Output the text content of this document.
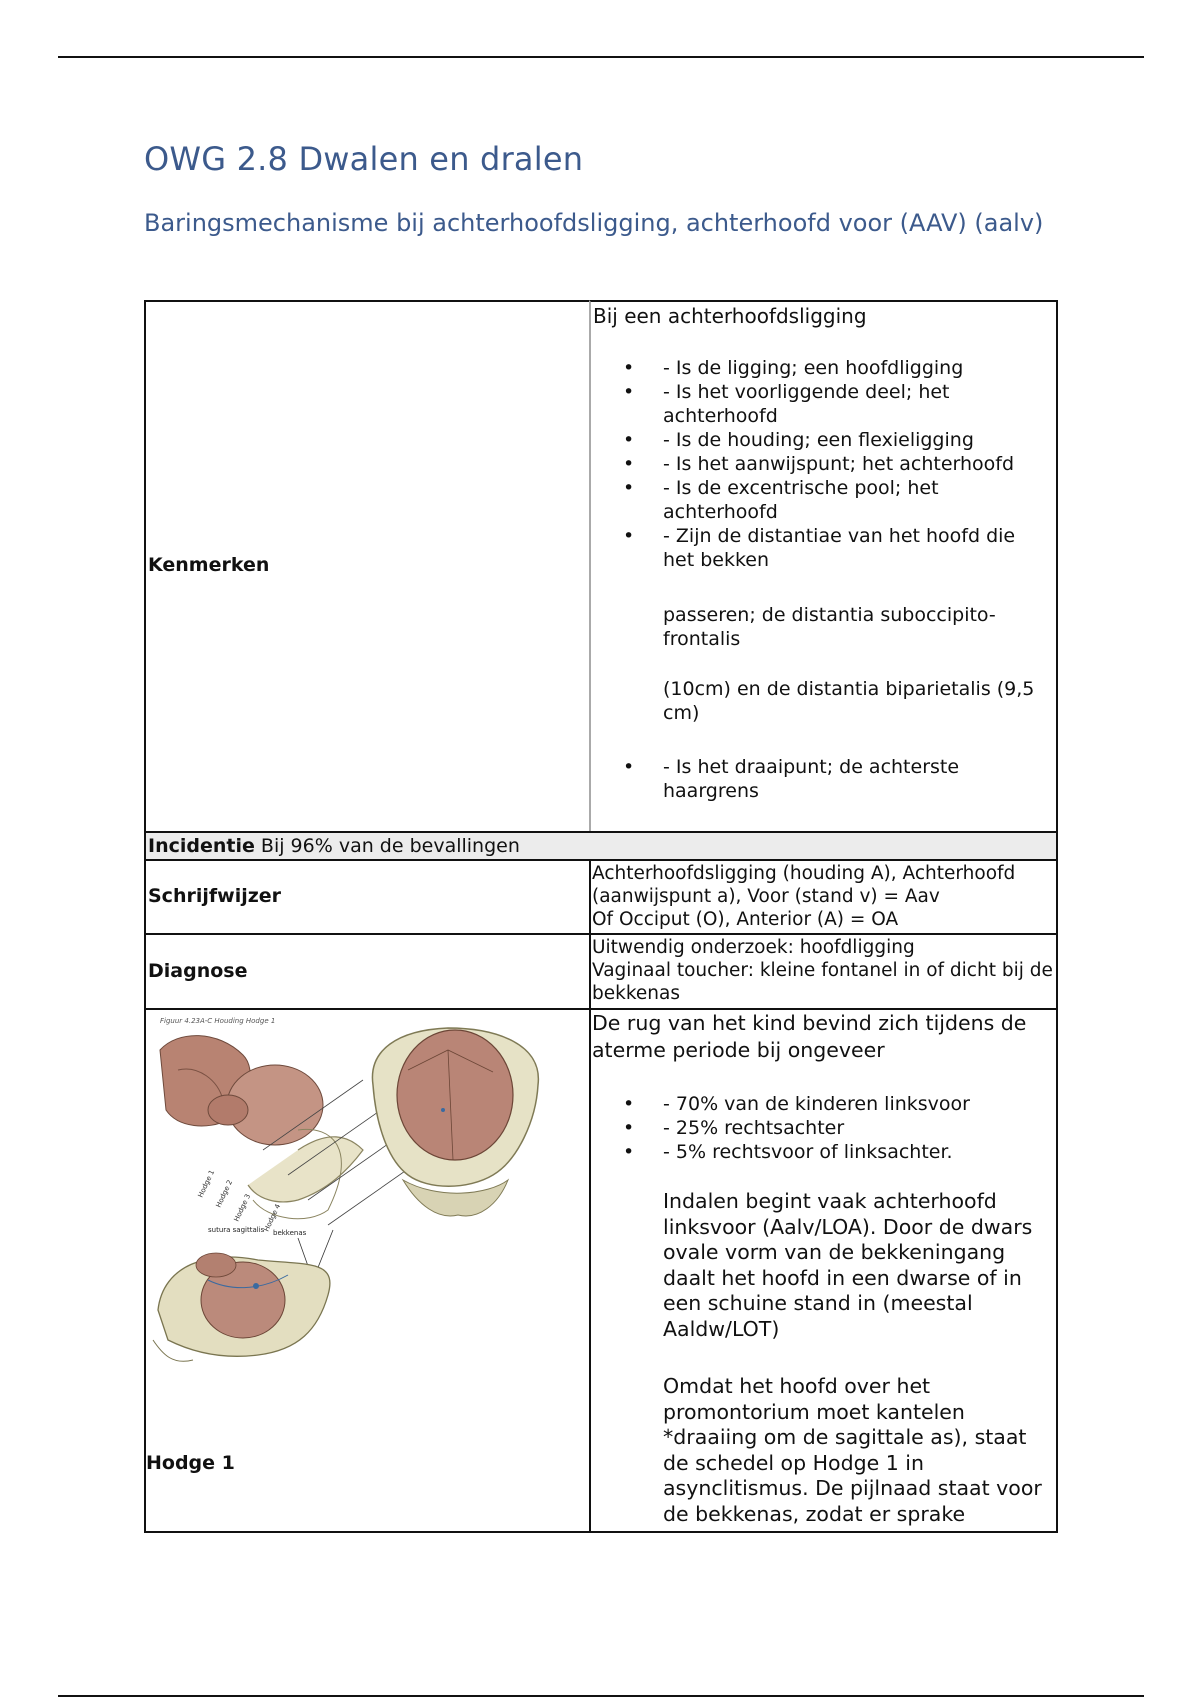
OWG 2.8 Dwalen en dralen
Baringsmechanisme bij achterhoofdsligging, achterhoofd voor (AAV) (aalv)
Kenmerken
Bij een achterhoofdsligging
• - Is de ligging; een hoofdligging
• - Is het voorliggende deel; het achterhoofd
• - Is de houding; een flexieligging
• - Is het aanwijspunt; het achterhoofd
• - Is de excentrische pool; het achterhoofd
• - Zijn de distantiae van het hoofd die het bekken
passeren; de distantia suboccipito-frontalis
(10cm) en de distantia biparietalis (9,5 cm)
• - Is het draaipunt; de achterste haargrens
Incidentie Bij 96% van de bevallingen
Schrijfwijzer
Achterhoofdsligging (houding A), Achterhoofd (aanwijspunt a), Voor (stand v) = Aav
Of Occiput (O), Anterior (A) = OA
Diagnose
Uitwendig onderzoek: hoofdligging
Vaginaal toucher: kleine fontanel in of dicht bij de bekkenas
Hodge 1
De rug van het kind bevind zich tijdens de aterme periode bij ongeveer
• - 70% van de kinderen linksvoor
• - 25% rechtsachter
• - 5% rechtsvoor of linksachter.
Indalen begint vaak achterhoofd linksvoor (Aalv/LOA). Door de dwars ovale vorm van de bekkeningang daalt het hoofd in een dwarse of in een schuine stand in (meestal Aaldw/LOT)
Omdat het hoofd over het promontorium moet kantelen *draaiing om de sagittale as), staat de schedel op Hodge 1 in asynclitismus. De pijlnaad staat voor de bekkenas, zodat er sprake
Figuur 4.23A-C Houding Hodge 1
Hodge 1
Hodge 2
Hodge 3 Hodge 4
sutura sagittalis bekkenas
